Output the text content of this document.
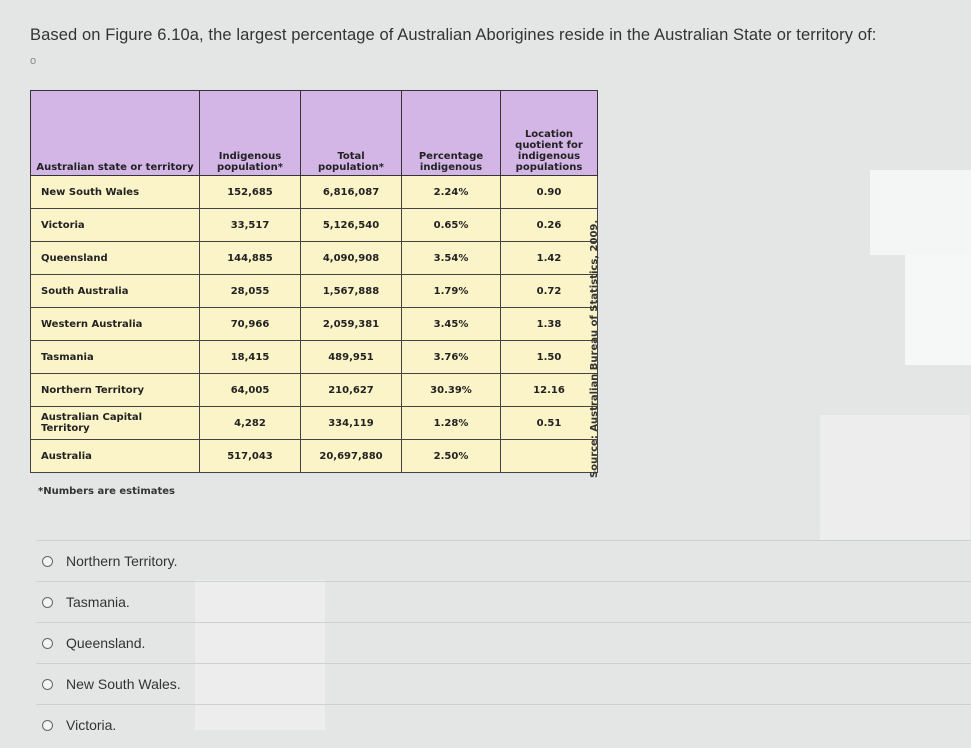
Based on Figure 6.10a, the largest percentage of Australian Aborigines reside in the Australian State or territory of:
o
Australian state or territory	Indigenous population*	Total population*	Percentage indigenous	Location quotient for indigenous populations
New South Wales	152,685	6,816,087	2.24%	0.90
Victoria	33,517	5,126,540	0.65%	0.26
Queensland	144,885	4,090,908	3.54%	1.42
South Australia	28,055	1,567,888	1.79%	0.72
Western Australia	70,966	2,059,381	3.45%	1.38
Tasmania	18,415	489,951	3.76%	1.50
Northern Territory	64,005	210,627	30.39%	12.16
Australian Capital Territory	4,282	334,119	1.28%	0.51
Australia	517,043	20,697,880	2.50%		Source: Australian Bureau of Statistics, 2009.
*Numbers are estimates
Northern Territory.
Tasmania.
Queensland.
New South Wales.
Victoria.
